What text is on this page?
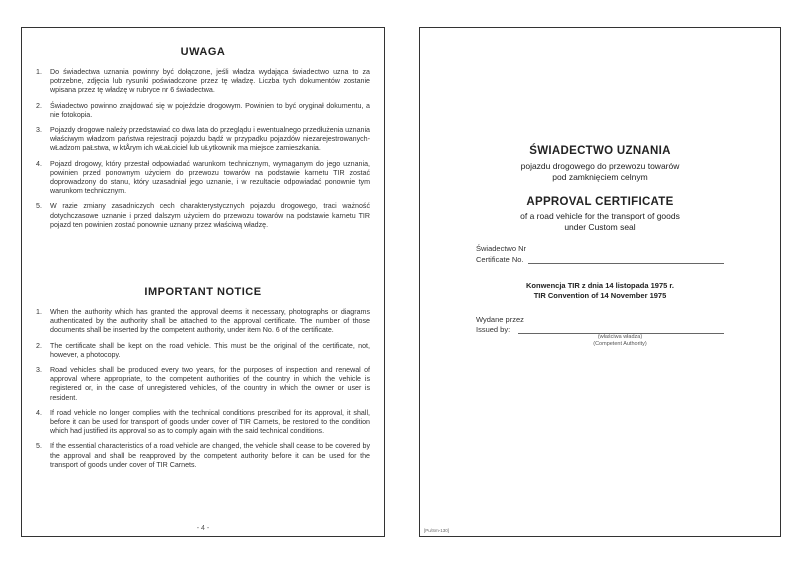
UWAGA
1. Do świadectwa uznania powinny być dołączone, jeśli władza wydająca świadectwo uzna to za potrzebne, zdjęcia lub rysunki poświadczone przez tę władzę. Liczba tych dokumentów zostanie wpisana przez tę władzę w rubryce nr 6 świadectwa.
2. Świadectwo powinno znajdować się w pojeździe drogowym. Powinien to być oryginał dokumentu, a nie fotokopia.
3. Pojazdy drogowe należy przedstawiać co dwa lata do przeglądu i ewentualnego przedłużenia uznania właściwym władzom państwa rejestracji pojazdu bądź w przypadku pojazdów niezarejestrowanych- wŁadzom paŁstwa, w ktÅrym ich wŁaŁciciel lub uŁytkownik ma miejsce zamieszkania.
4. Pojazd drogowy, który przestał odpowiadać warunkom technicznym, wymaganym do jego uznania, powinien przed ponownym użyciem do przewozu towarów na podstawie karnetu TIR zostać doprowadzony do stanu, który uzasadniał jego uznanie, i w rezultacie odpowiadać ponownie tym warunkom technicznym.
5. W razie zmiany zasadniczych cech charakterystycznych pojazdu drogowego, traci ważność dotychczasowe uznanie i przed dalszym użyciem do przewozu towarów na podstawie karnetu TIR pojazd ten powinien zostać ponownie uznany przez właściwą władzę.
IMPORTANT NOTICE
1. When the authority which has granted the approval deems it necessary, photographs or diagrams authenticated by the authority shall be attached to the approval certificate. The number of those documents shall be inserted by the competent authority, under item No. 6 of the certificate.
2. The certificate shall be kept on the road vehicle. This must be the original of the certificate, not, however, a photocopy.
3. Road vehicles shall be produced every two years, for the purposes of inspection and renewal of approval where appropriate, to the competent authorities of the country in which the vehicle is registered or, in the case of unregistered vehicles, of the country in which the owner or user is resident.
4. If road vehicle no longer complies with the technical conditions prescribed for its approval, it shall, before it can be used for transport of goods under cover of TIR Carnets, be restored to the condition which had justified its approval so as to comply again with the said technical conditions.
5. If the essential characteristics of a road vehicle are changed, the vehicle shall cease to be covered by the approval and shall be reapproved by the competent authority before it can be used for the transport of goods under cover of TIR Carnets.
- 4 -
ŚWIADECTWO UZNANIA
pojazdu drogowego do przewozu towarów
pod zamknięciem celnym
APPROVAL CERTIFICATE
of a road vehicle for the transport of goods
under Custom seal
Świadectwo Nr
Certificate No.
Konwencja TIR z dnia 14 listopada 1975 r.
TIR Convention of 14 November 1975
Wydane przez
Issued by:
(właściwa władza)
(Competent Authority)
[Pu/Sm-130]
